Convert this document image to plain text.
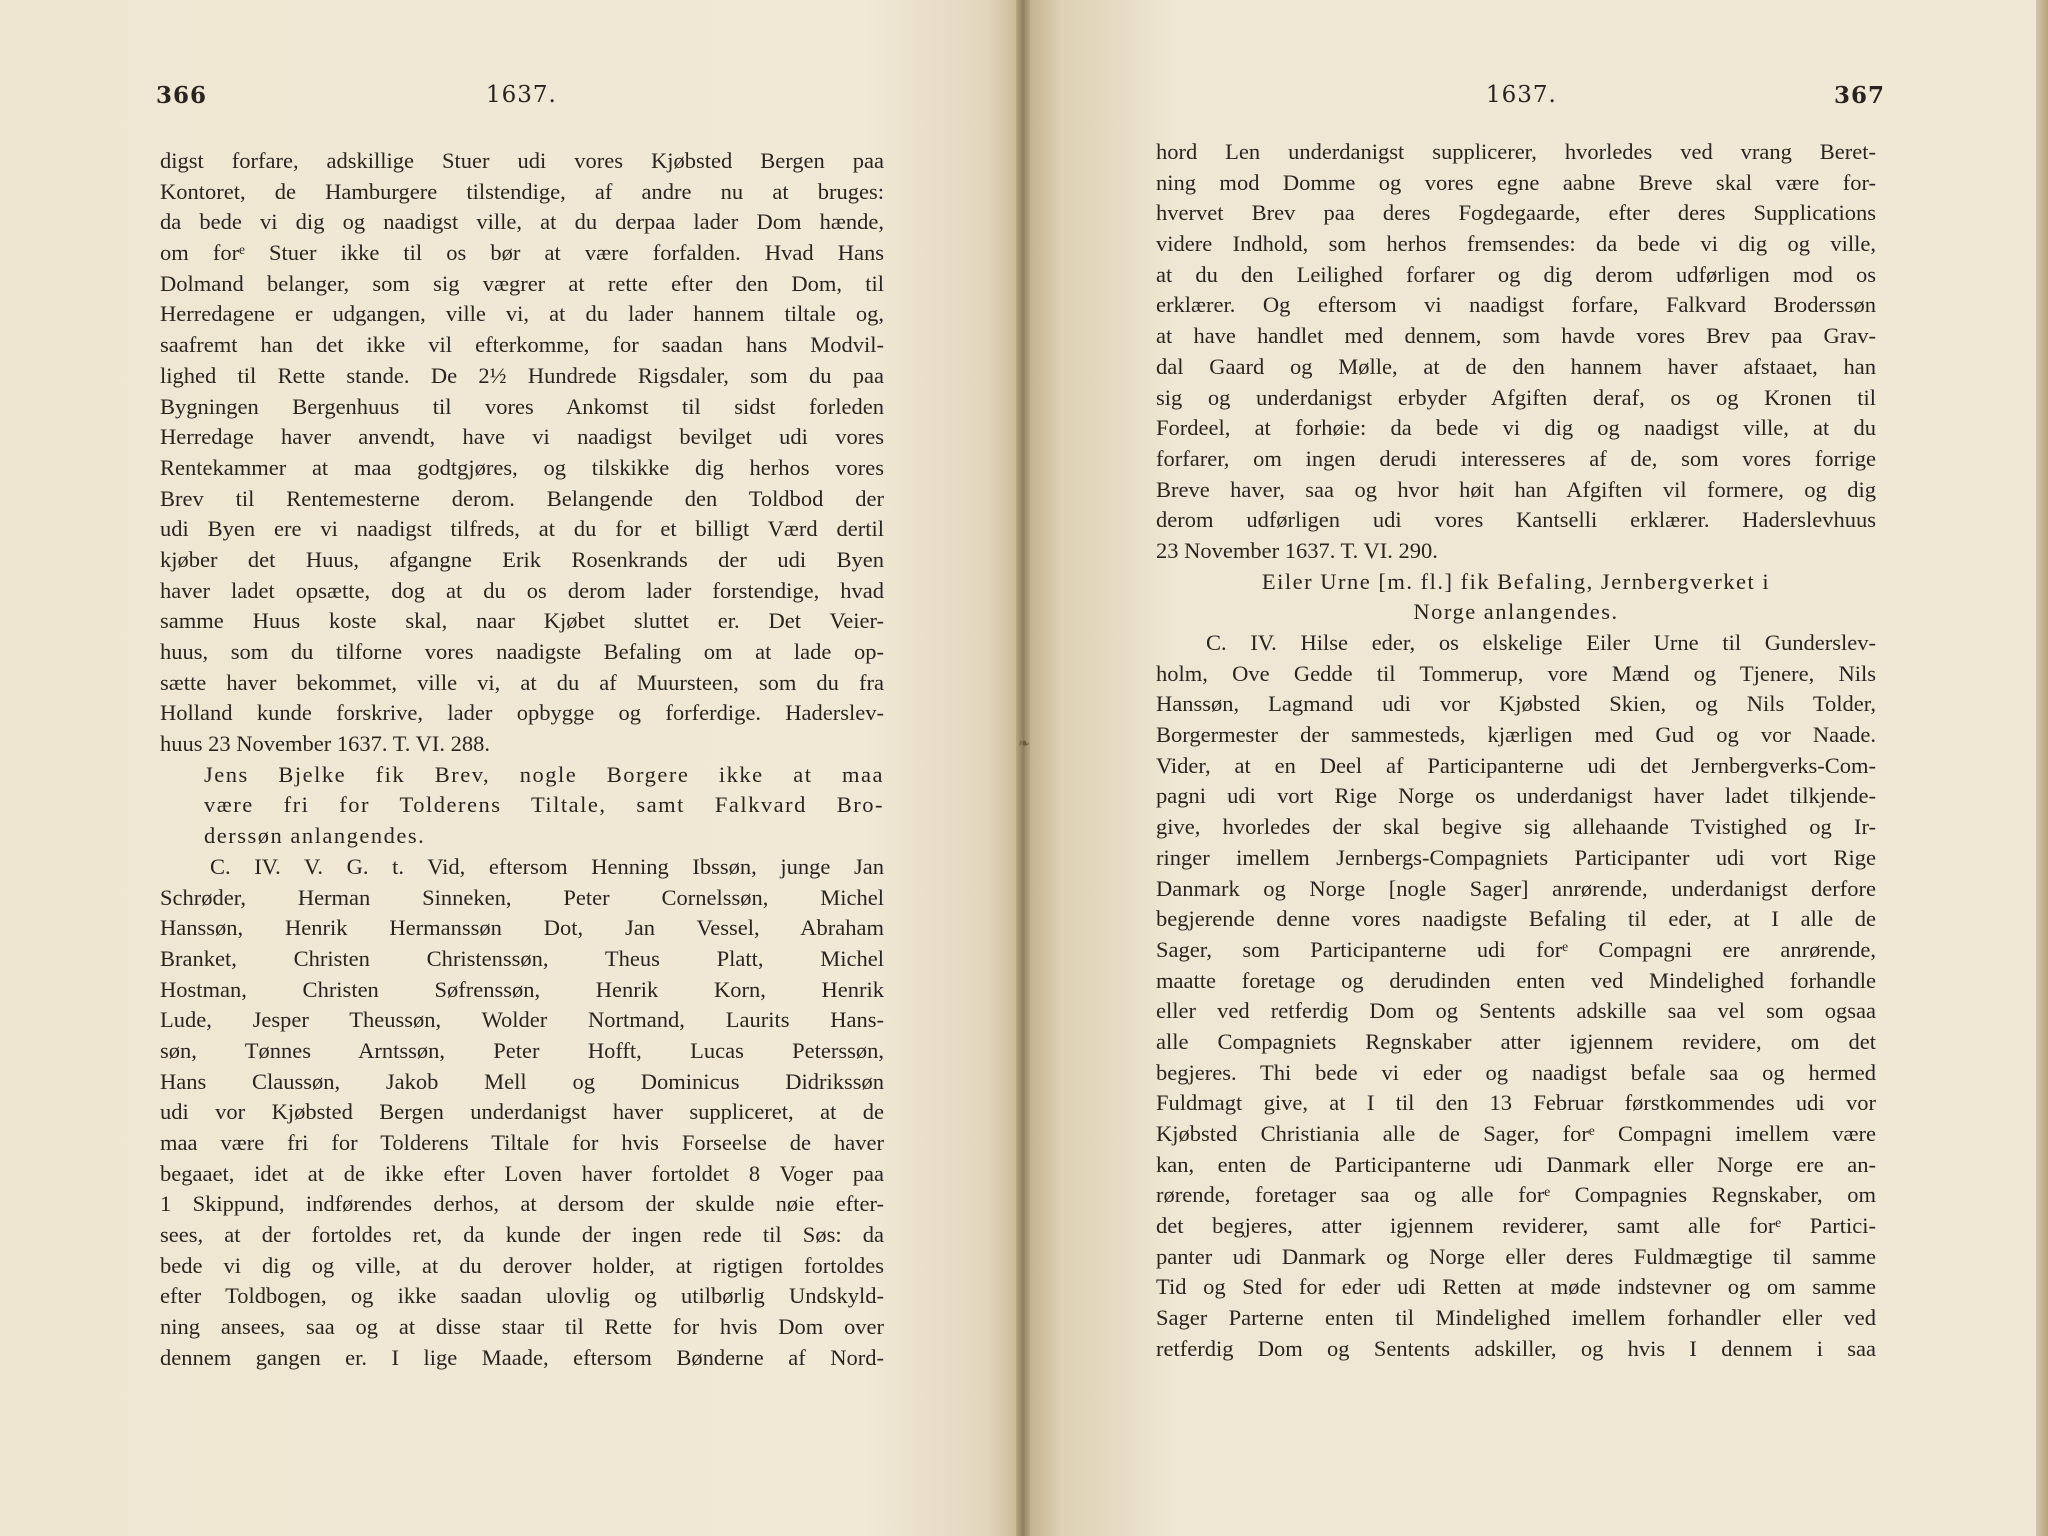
366	1637.
digst forfare, adskillige Stuer udi vores Kjøbsted Bergen paa
Kontoret, de Hamburgere tilstendige, af andre nu at bruges:
da bede vi dig og naadigst ville, at du derpaa lader Dom hænde,
om forᵉ Stuer ikke til os bør at være forfalden. Hvad Hans
Dolmand belanger, som sig vægrer at rette efter den Dom, til
Herredagene er udgangen, ville vi, at du lader hannem tiltale og,
saafremt han det ikke vil efterkomme, for saadan hans Modvil-
lighed til Rette stande. De 2½ Hundrede Rigsdaler, som du paa
Bygningen Bergenhuus til vores Ankomst til sidst forleden
Herredage haver anvendt, have vi naadigst bevilget udi vores
Rentekammer at maa godtgjøres, og tilskikke dig herhos vores
Brev til Rentemesterne derom. Belangende den Toldbod der
udi Byen ere vi naadigst tilfreds, at du for et billigt Værd dertil
kjøber det Huus, afgangne Erik Rosenkrands der udi Byen
haver ladet opsætte, dog at du os derom lader forstendige, hvad
samme Huus koste skal, naar Kjøbet sluttet er. Det Veier-
huus, som du tilforne vores naadigste Befaling om at lade op-
sætte haver bekommet, ville vi, at du af Muursteen, som du fra
Holland kunde forskrive, lader opbygge og forferdige. Haderslev-
huus 23 November 1637. T. VI. 288.
Jens Bjelke fik Brev, nogle Borgere ikke at maa
være fri for Tolderens Tiltale, samt Falkvard Bro-
derssøn anlangendes.
C. IV. V. G. t. Vid, eftersom Henning Ibssøn, junge Jan
Schrøder, Herman Sinneken, Peter Cornelssøn, Michel
Hanssøn, Henrik Hermanssøn Dot, Jan Vessel, Abraham
Branket, Christen Christenssøn, Theus Platt, Michel
Hostman, Christen Søfrenssøn, Henrik Korn, Henrik
Lude, Jesper Theussøn, Wolder Nortmand, Laurits Hans-
søn, Tønnes Arntssøn, Peter Hofft, Lucas Peterssøn,
Hans Claussøn, Jakob Mell og Dominicus Didrikssøn
udi vor Kjøbsted Bergen underdanigst haver suppliceret, at de
maa være fri for Tolderens Tiltale for hvis Forseelse de haver
begaaet, idet at de ikke efter Loven haver fortoldet 8 Voger paa
1 Skippund, indførendes derhos, at dersom der skulde nøie efter-
sees, at der fortoldes ret, da kunde der ingen rede til Søs: da
bede vi dig og ville, at du derover holder, at rigtigen fortoldes
efter Toldbogen, og ikke saadan ulovlig og utilbørlig Undskyld-
ning ansees, saa og at disse staar til Rette for hvis Dom over
dennem gangen er. I lige Maade, eftersom Bønderne af Nord-
1637.	367
hord Len underdanigst supplicerer, hvorledes ved vrang Beret-
ning mod Domme og vores egne aabne Breve skal være for-
hvervet Brev paa deres Fogdegaarde, efter deres Supplications
videre Indhold, som herhos fremsendes: da bede vi dig og ville,
at du den Leilighed forfarer og dig derom udførligen mod os
erklærer. Og eftersom vi naadigst forfare, Falkvard Broderssøn
at have handlet med dennem, som havde vores Brev paa Grav-
dal Gaard og Mølle, at de den hannem haver afstaaet, han
sig og underdanigst erbyder Afgiften deraf, os og Kronen til
Fordeel, at forhøie: da bede vi dig og naadigst ville, at du
forfarer, om ingen derudi interesseres af de, som vores forrige
Breve haver, saa og hvor høit han Afgiften vil formere, og dig
derom udførligen udi vores Kantselli erklærer. Haderslevhuus
23 November 1637. T. VI. 290.
Eiler Urne [m. fl.] fik Befaling, Jernbergverket i
Norge anlangendes.
C. IV. Hilse eder, os elskelige Eiler Urne til Gunderslev-
holm, Ove Gedde til Tommerup, vore Mænd og Tjenere, Nils
Hanssøn, Lagmand udi vor Kjøbsted Skien, og Nils Tolder,
Borgermester der sammesteds, kjærligen med Gud og vor Naade.
Vider, at en Deel af Participanterne udi det Jernbergverks-Com-
pagni udi vort Rige Norge os underdanigst haver ladet tilkjende-
give, hvorledes der skal begive sig allehaande Tvistighed og Ir-
ringer imellem Jernbergs-Compagniets Participanter udi vort Rige
Danmark og Norge [nogle Sager] anrørende, underdanigst derfore
begjerende denne vores naadigste Befaling til eder, at I alle de
Sager, som Participanterne udi forᵉ Compagni ere anrørende,
maatte foretage og derudinden enten ved Mindelighed forhandle
eller ved retferdig Dom og Sentents adskille saa vel som ogsaa
alle Compagniets Regnskaber atter igjennem revidere, om det
begjeres. Thi bede vi eder og naadigst befale saa og hermed
Fuldmagt give, at I til den 13 Februar førstkommendes udi vor
Kjøbsted Christiania alle de Sager, forᵉ Compagni imellem være
kan, enten de Participanterne udi Danmark eller Norge ere an-
rørende, foretager saa og alle forᵉ Compagnies Regnskaber, om
det begjeres, atter igjennem reviderer, samt alle forᵉ Partici-
panter udi Danmark og Norge eller deres Fuldmægtige til samme
Tid og Sted for eder udi Retten at møde indstevner og om samme
Sager Parterne enten til Mindelighed imellem forhandler eller ved
retferdig Dom og Sentents adskiller, og hvis I dennem i saa
❧
